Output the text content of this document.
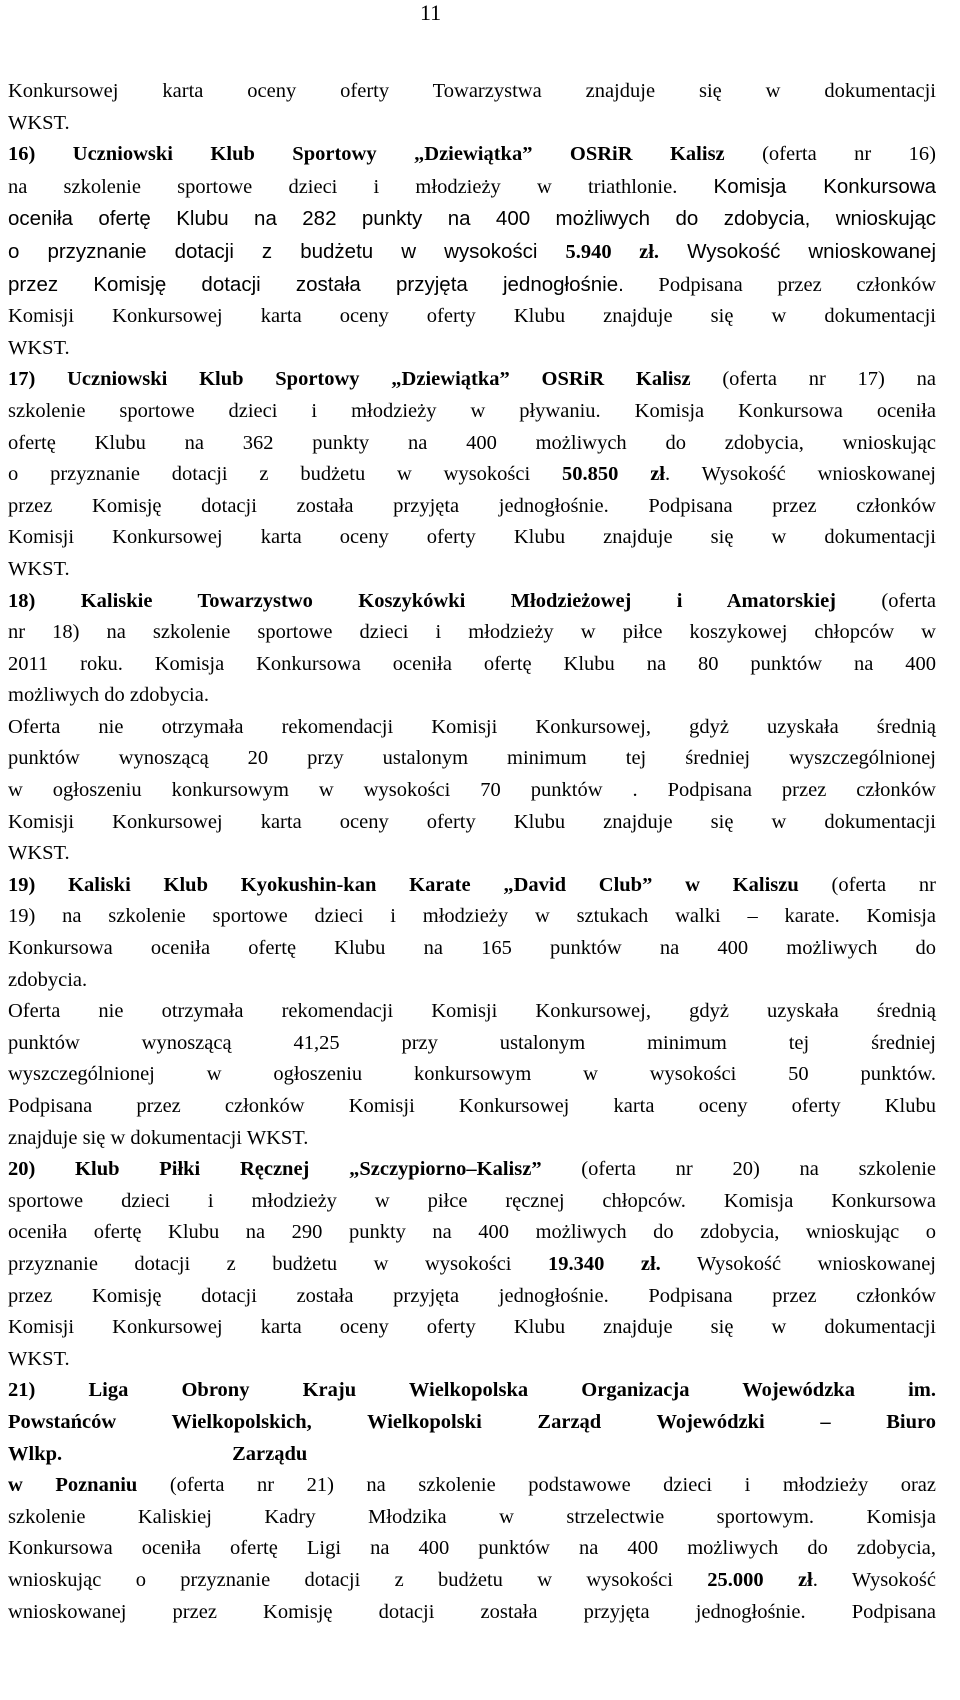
11
Konkursowej karta oceny oferty Towarzystwa znajduje się w dokumentacji
WKST.
16) Uczniowski Klub Sportowy „Dziewiątka” OSRiR Kalisz (oferta nr 16)
na szkolenie sportowe dzieci i młodzieży w triathlonie. Komisja Konkursowa
oceniła ofertę Klubu na 282 punkty na 400 możliwych do zdobycia, wnioskując
o przyznanie dotacji z budżetu w wysokości 5.940 zł. Wysokość wnioskowanej
przez Komisję dotacji została przyjęta jednogłośnie. Podpisana przez członków
Komisji Konkursowej karta oceny oferty Klubu znajduje się w dokumentacji
WKST.
17) Uczniowski Klub Sportowy „Dziewiątka” OSRiR Kalisz (oferta nr 17) na
szkolenie sportowe dzieci i młodzieży w pływaniu. Komisja Konkursowa oceniła
ofertę Klubu na 362 punkty na 400 możliwych do zdobycia, wnioskując
o przyznanie dotacji z budżetu w wysokości 50.850 zł. Wysokość wnioskowanej
przez Komisję dotacji została przyjęta jednogłośnie. Podpisana przez członków
Komisji Konkursowej karta oceny oferty Klubu znajduje się w dokumentacji
WKST.
18) Kaliskie Towarzystwo Koszykówki Młodzieżowej i Amatorskiej (oferta
nr 18) na szkolenie sportowe dzieci i młodzieży w piłce koszykowej chłopców w
2011 roku. Komisja Konkursowa oceniła ofertę Klubu na 80 punktów na 400
możliwych do zdobycia.
Oferta nie otrzymała rekomendacji Komisji Konkursowej, gdyż uzyskała średnią
punktów wynoszącą 20 przy ustalonym minimum tej średniej wyszczególnionej
w ogłoszeniu konkursowym w wysokości 70 punktów . Podpisana przez członków
Komisji Konkursowej karta oceny oferty Klubu znajduje się w dokumentacji
WKST.
19) Kaliski Klub Kyokushin-kan Karate „David Club” w Kaliszu (oferta nr
19) na szkolenie sportowe dzieci i młodzieży w sztukach walki – karate. Komisja
Konkursowa oceniła ofertę Klubu na 165 punktów na 400 możliwych do
zdobycia.
Oferta nie otrzymała rekomendacji Komisji Konkursowej, gdyż uzyskała średnią
punktów wynoszącą 41,25 przy ustalonym minimum tej średniej
wyszczególnionej w ogłoszeniu konkursowym w wysokości 50 punktów.
Podpisana przez członków Komisji Konkursowej karta oceny oferty Klubu
znajduje się w dokumentacji WKST.
20) Klub Piłki Ręcznej „Szczypiorno–Kalisz” (oferta nr 20) na szkolenie
sportowe dzieci i młodzieży w piłce ręcznej chłopców. Komisja Konkursowa
oceniła ofertę Klubu na 290 punkty na 400 możliwych do zdobycia, wnioskując o
przyznanie dotacji z budżetu w wysokości 19.340 zł. Wysokość wnioskowanej
przez Komisję dotacji została przyjęta jednogłośnie. Podpisana przez członków
Komisji Konkursowej karta oceny oferty Klubu znajduje się w dokumentacji
WKST.
21) Liga Obrony Kraju Wielkopolska Organizacja Wojewódzka im.
Powstańców Wielkopolskich, Wielkopolski Zarząd Wojewódzki – Biuro
Wlkp.	Zarządu
w Poznaniu (oferta nr 21) na szkolenie podstawowe dzieci i młodzieży oraz
szkolenie Kaliskiej Kadry Młodzika w strzelectwie sportowym. Komisja
Konkursowa oceniła ofertę Ligi na 400 punktów na 400 możliwych do zdobycia,
wnioskując o przyznanie dotacji z budżetu w wysokości 25.000 zł. Wysokość
wnioskowanej przez Komisję dotacji została przyjęta jednogłośnie. Podpisana
